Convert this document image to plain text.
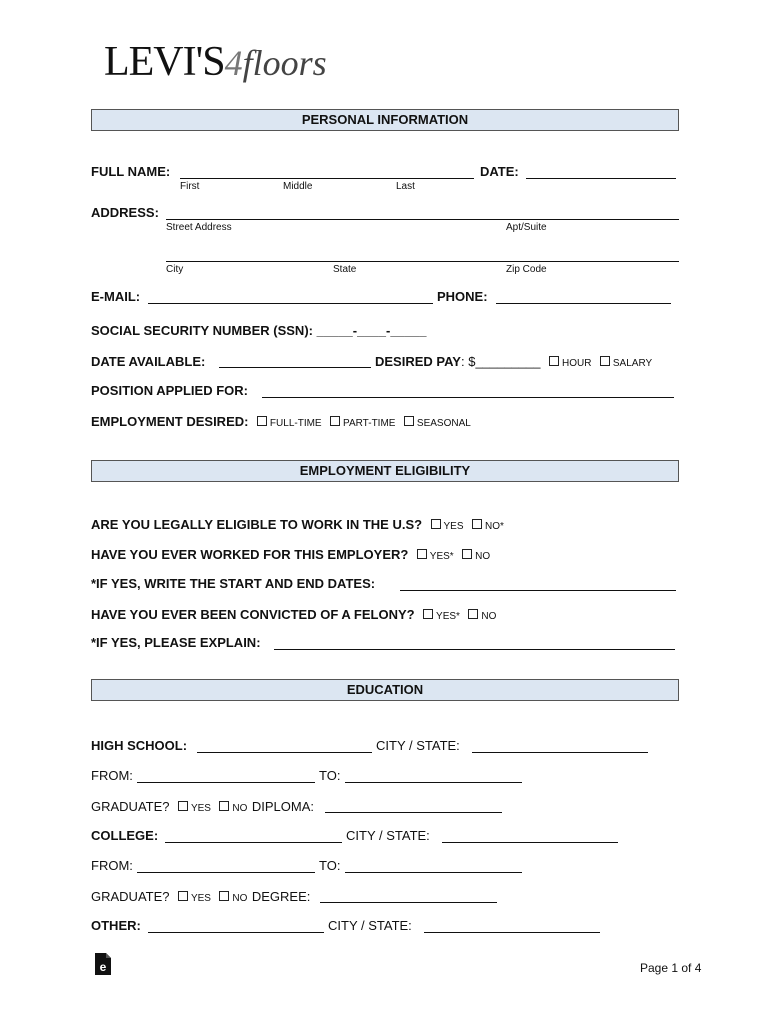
LEVI'S4floors
PERSONAL INFORMATION
FULL NAME:	DATE:
First	Middle	Last
ADDRESS:
Street Address	Apt/Suite
City	State	Zip Code
E-MAIL:	PHONE:
SOCIAL SECURITY NUMBER (SSN): _____-____-_____
DATE AVAILABLE:	DESIRED PAY: $_________ HOUR SALARY
POSITION APPLIED FOR:
EMPLOYMENT DESIRED: FULL-TIME PART-TIME SEASONAL
EMPLOYMENT ELIGIBILITY
ARE YOU LEGALLY ELIGIBLE TO WORK IN THE U.S? YES NO*
HAVE YOU EVER WORKED FOR THIS EMPLOYER? YES* NO
*IF YES, WRITE THE START AND END DATES:
HAVE YOU EVER BEEN CONVICTED OF A FELONY? YES* NO
*IF YES, PLEASE EXPLAIN:
EDUCATION
HIGH SCHOOL:	CITY / STATE:
FROM:	TO:
GRADUATE? YES NO DIPLOMA:
COLLEGE:	CITY / STATE:
FROM:	TO:
GRADUATE? YES NO DEGREE:
OTHER:	CITY / STATE:
e	Page 1 of 4
